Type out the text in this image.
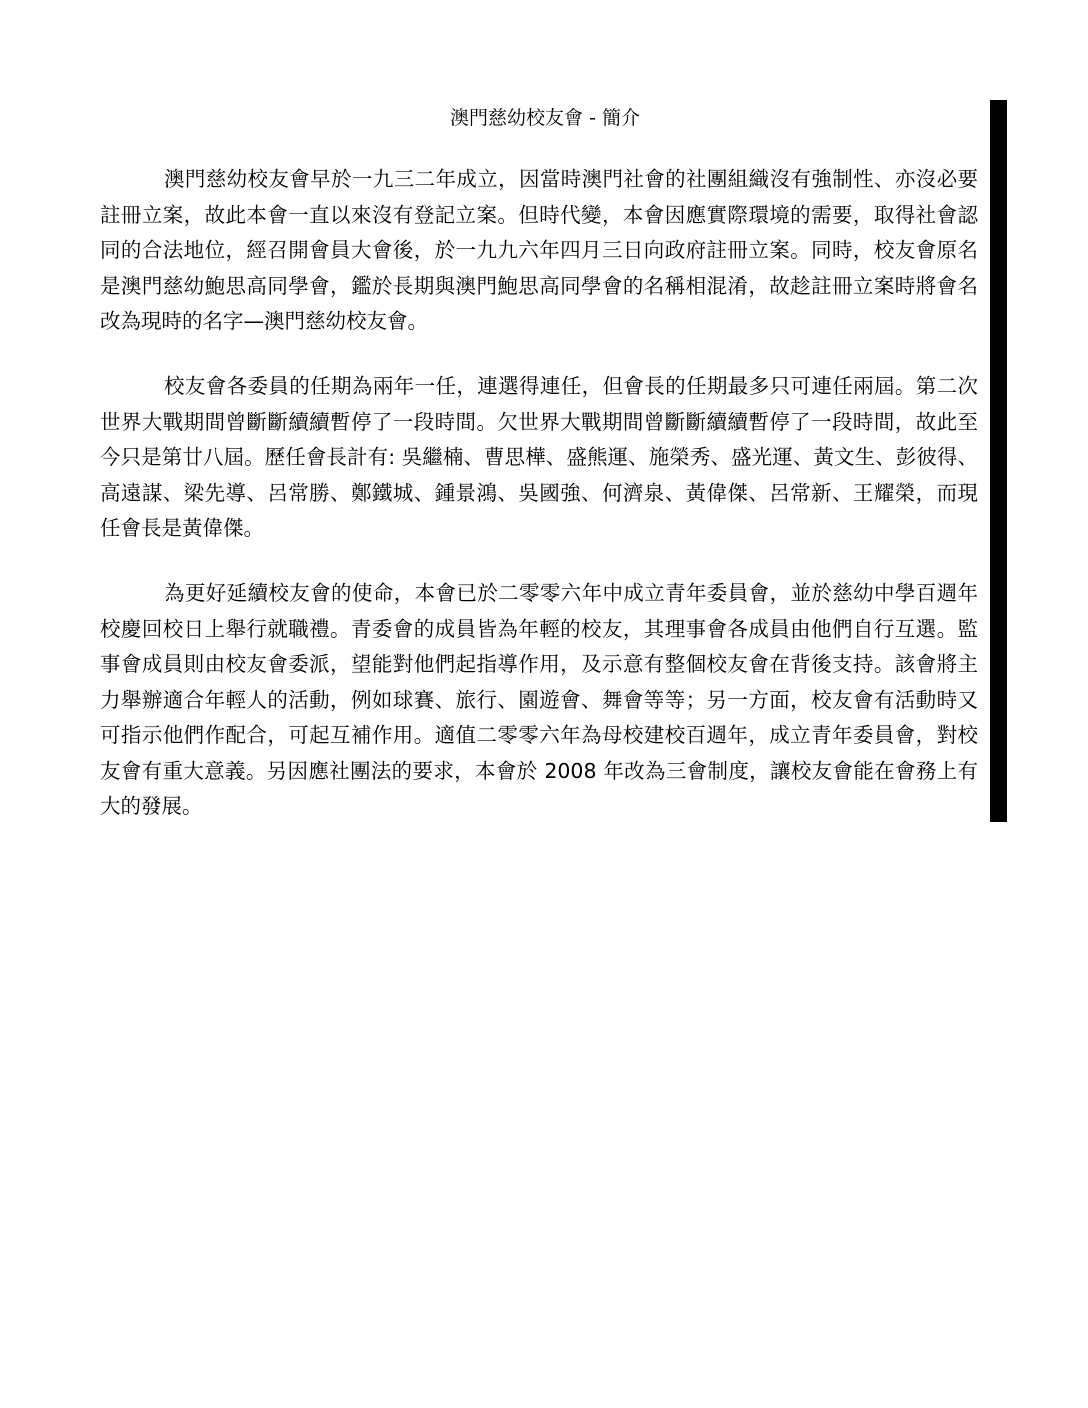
澳門慈幼校友會 - 簡介

澳門慈幼校友會早於一九三二年成立，因當時澳門社會的社團組織沒有強制性、亦沒必要註冊立案，故此本會一直以來沒有登記立案。但時代變，本會因應實際環境的需要，取得社會認同的合法地位，經召開會員大會後，於一九九六年四月三日向政府註冊立案。同時，校友會原名是澳門慈幼鮑思高同學會，鑑於長期與澳門鮑思高同學會的名稱相混淆，故趁註冊立案時將會名改為現時的名字—澳門慈幼校友會。

校友會各委員的任期為兩年一任，連選得連任，但會長的任期最多只可連任兩屆。第二次世界大戰期間曾斷斷續續暫停了一段時間。欠世界大戰期間曾斷斷續續暫停了一段時間，故此至今只是第廿八屆。歷任會長計有: 吳繼楠、曹思樺、盛熊運、施榮秀、盛光運、黃文生、彭彼得、高遠謀、梁先導、呂常勝、鄭鐵城、鍾景鴻、吳國強、何濟泉、黃偉傑、呂常新、王耀榮，而現任會長是黃偉傑。

為更好延續校友會的使命，本會已於二零零六年中成立青年委員會，並於慈幼中學百週年校慶回校日上舉行就職禮。青委會的成員皆為年輕的校友，其理事會各成員由他們自行互選。監事會成員則由校友會委派，望能對他們起指導作用，及示意有整個校友會在背後支持。該會將主力舉辦適合年輕人的活動，例如球賽、旅行、園遊會、舞會等等；另一方面，校友會有活動時又可指示他們作配合，可起互補作用。適值二零零六年為母校建校百週年，成立青年委員會，對校友會有重大意義。另因應社團法的要求，本會於 2008 年改為三會制度，讓校友會能在會務上有大的發展。
